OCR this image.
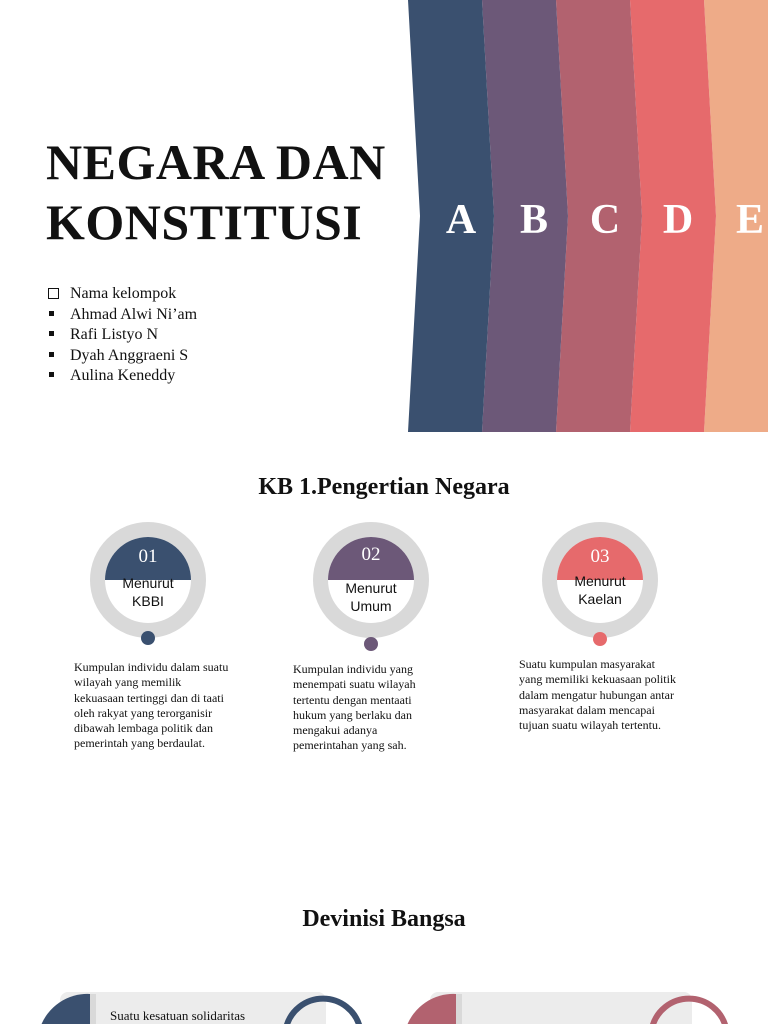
NEGARA DAN
KONSTITUSI
Nama kelompok
Ahmad Alwi Ni’am
Rafi Listyo N
Dyah Anggraeni S
Aulina Keneddy
A B C D E
KB 1.Pengertian Negara
01
Menurut
KBBI

Kumpulan individu dalam suatu wilayah yang memilik kekuasaan tertinggi dan di taati oleh rakyat yang terorganisir dibawah lembaga politik dan pemerintah yang berdaulat.

02
Menurut
Umum

Kumpulan individu yang menempati suatu wilayah tertentu dengan mentaati hukum yang berlaku dan mengakui adanya pemerintahan yang sah.

03
Menurut
Kaelan

Suatu kumpulan masyarakat yang memiliki kekuasaan politik dalam mengatur hubungan antar masyarakat dalam mencapai tujuan suatu wilayah tertentu.

Devinisi Bangsa

Suatu kesatuan solidaritas
